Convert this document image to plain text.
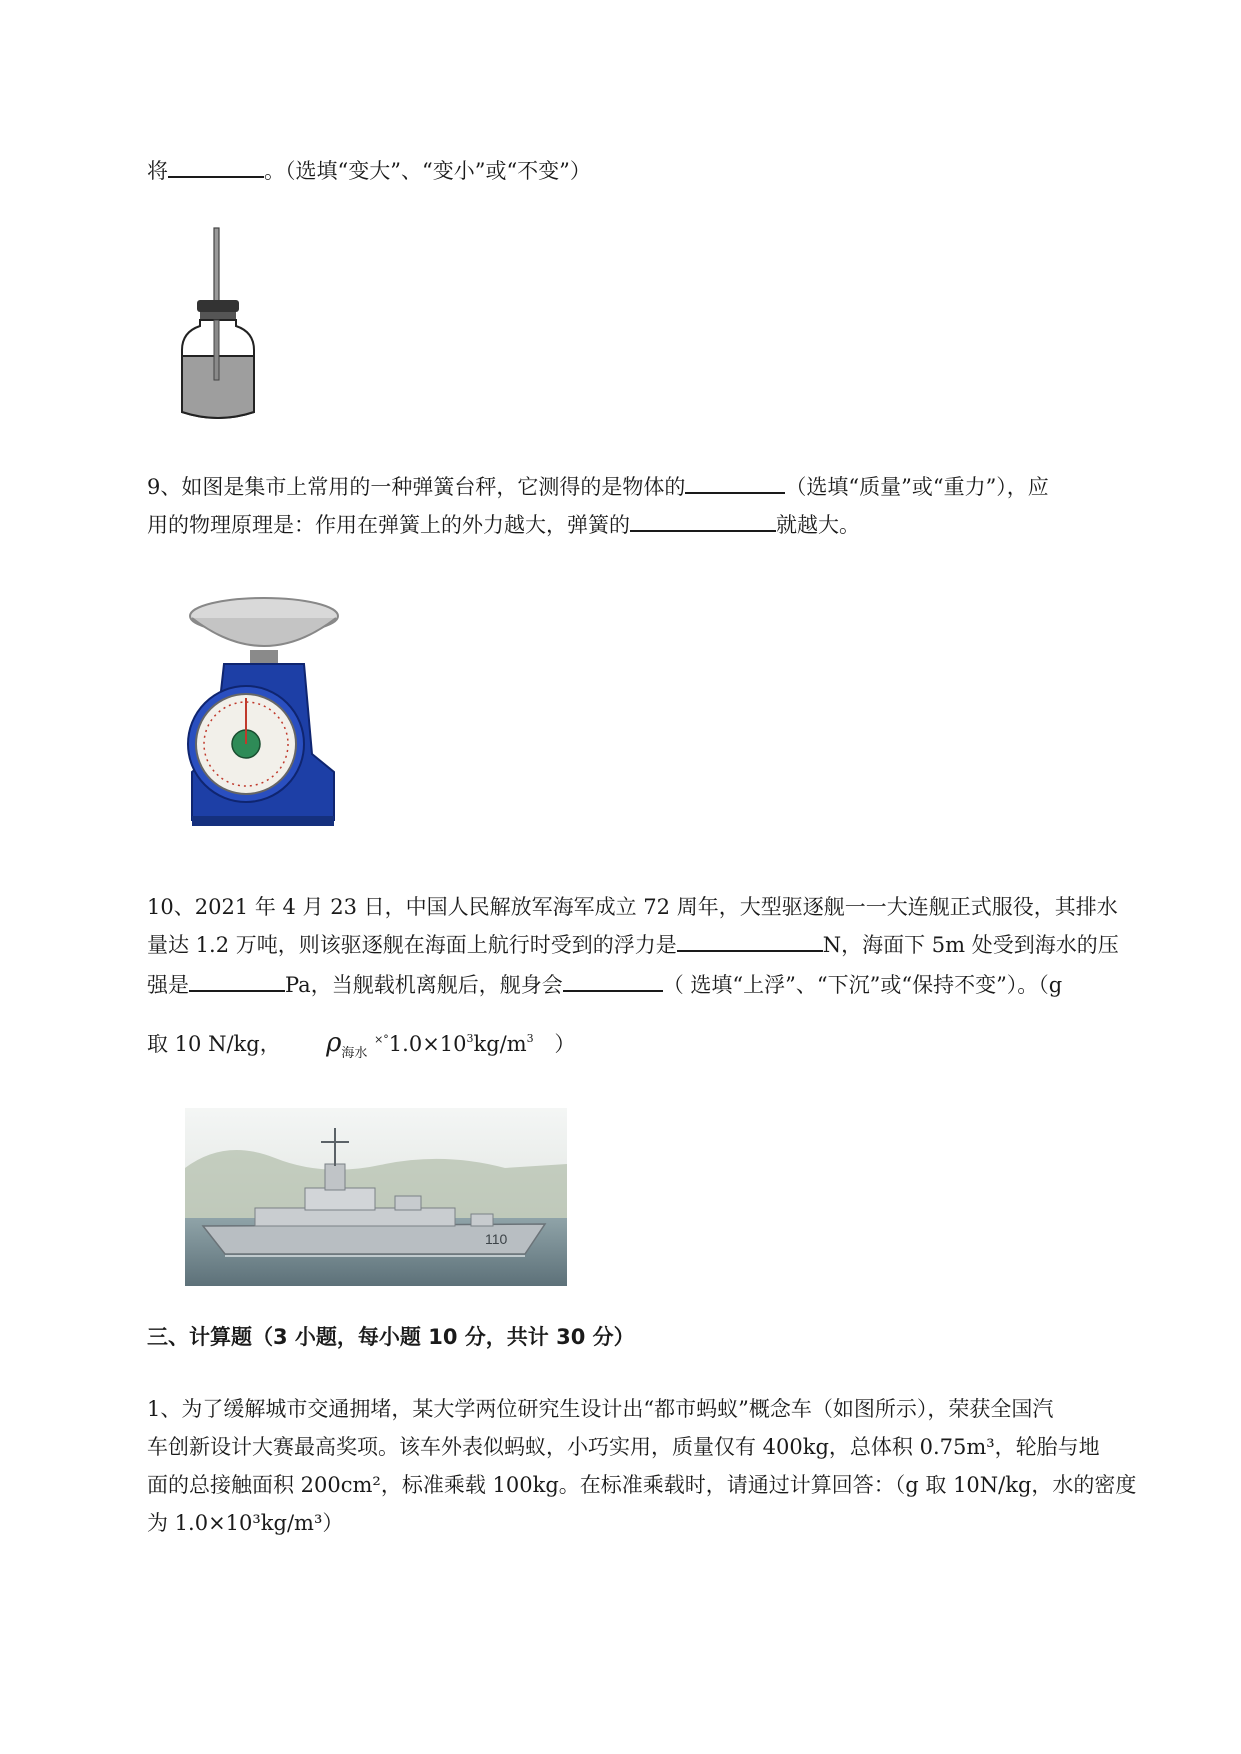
将	。（选填“变大”、“变小”或“不变”）
9、如图是集市上常用的一种弹簧台秤，它测得的是物体的	（选填“质量”或“重力”），应
用的物理原理是：作用在弹簧上的外力越大，弹簧的	就越大。
10、2021 年 4 月 23 日，中国人民解放军海军成立 72 周年，大型驱逐舰一一大连舰正式服役，其排水
量达 1.2 万吨，则该驱逐舰在海面上航行时受到的浮力是	N，海面下 5m 处受到海水的压
强是	Pa，当舰载机离舰后，舰身会	（ 选填“上浮”、“下沉”或“保持不变”）。（g
取 10 N/kg， $\rho_{海水}$ $^{\times^\circ}1.0\times 10^3kg/m^3$ ）
110
三、计算题（3 小题，每小题 10 分，共计 30 分）
1、为了缓解城市交通拥堵，某大学两位研究生设计出“都市蚂蚁”概念车（如图所示），荣获全国汽
车创新设计大赛最高奖项。该车外表似蚂蚁，小巧实用，质量仅有 400kg，总体积 0.75m³，轮胎与地
面的总接触面积 200cm²，标准乘载 100kg。在标准乘载时，请通过计算回答：（g 取 10N/kg，水的密度
为 1.0×10³kg/m³）
